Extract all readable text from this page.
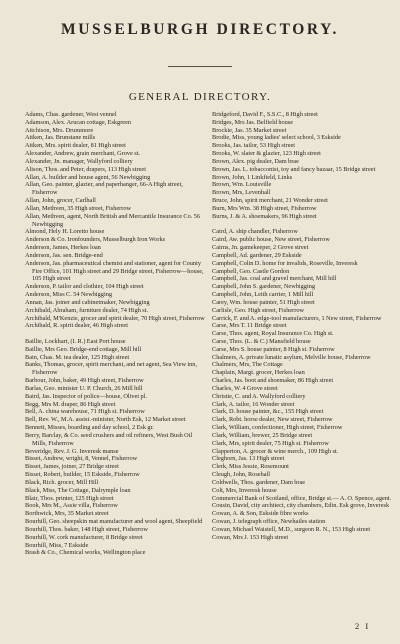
MUSSELBURGH DIRECTORY.
GENERAL DIRECTORY.
Adams, Chas. gardener, West vennel
Adamson, Alex. Arucan cottage, Eskgreen
Aitchison, Mrs. Drummore
Aitken, Jas. Brunstane mills
Aitken, Mrs. spirit dealer, 81 High street
Alexander, Andrew, grain merchant, Grove st.
Alexander, Jn. manager, Wallyford colliery
Alison, Thos. and Peter, drapers, 113 High street
Allan, A. builder and house agent, 56 Newbigging
Allan, Geo. painter, glazier, and paperhanger, 66-A High street, Fisherrow
Allan, John, grocer, Carlhall
Allan, Methven, 35 High street, Fisherrow
Allan, Methven, agent, North British and Mercantile Insurance Co. 56 Newbigging
Almond, Hely H. Loretto house
Anderson & Co. Ironfounders, Musselburgh Iron Works
Anderson, James, Herkes loan
Anderson, Jas. sen. Bridge-end
Anderson, Jas. pharmaceutical chemist and stationer, agent for County Fire Office, 101 High street and 29 Bridge street, Fisherrow—house, 105 High street
Anderson, P. tailor and clothier, 104 High street
Anderson, Miss C. 54 Newbigging
Annan, Jas. joiner and cabinetmaker, Newbigging
Archibald, Abraham, furniture dealer, 74 High st.
Archibald, M'Kenzie, grocer and spirit dealer, 70 High street, Fisherrow
Archibald, R. spirit dealer, 46 High street
Baillie, Lockhart, (I. R.) East Port house
Baillie, Mrs Geo. Bridge-end cottage, Mill hill
Bain, Chas. M. tea dealer, 125 High street
Banks, Thomas, grocer, spirit merchant, and net agent, Sea View inn, Fisherrow
Barbour, John, baker, 49 High street, Fisherrow
Barlas, Geo. minister U. P. Church, 26 Mill hill
Baird, Jas. Inspector of police—house, Olivet pl.
Begg, Mrs M. draper, 86 High street
Bell, A. china warehouse, 71 High st. Fisherrow
Bell, Rev. W., M.A. assist.-minister, North Esk, 12 Market street
Bennett, Misses, boarding and day school, 2 Esk gr.
Berry, Barclay, & Co. seed crushers and oil refiners, West Bush Oil Mills, Fisherrow
Beveridge, Rev. J. G. Inveresk manse
Bisset, Andrew, wright, 8, Vennel, Fisherrow
Bisset, James, joiner, 27 Bridge street
Bisset, Robert, builder, 15 Eskside, Fisherrow
Black, Rich. grocer, Mill Hill
Black, Miss, The Cottage, Dalrymple loan
Blair, Thos. printer, 125 High street
Book, Mrs M., Assie villa, Fisherrow
Borthwick, Mrs, 35 Market street
Bourhill, Geo. sheepskin mat manufacturer and wool agent, Sheepfield
Bourhill, Thos. baker, 148 High street, Fisherrow
Bourhill, W. cork manufacturer, 8 Bridge street
Bourhill, Miss, 7 Eskside
Brash & Co., Chemical works, Wellington place
Bridgeford, David F., S.S.C., 8 High street
Bridges, Mrs Jas. Belfield house
Brockie, Jas. 35 Market street
Brodie, Miss, young ladies' select school, 3 Eskside
Brooks, Jas. tailor, 53 High street
Brooks, W. slater & glazier, 123 High street
Brown, Alex. pig dealer, Dam brae
Brown, Jas. L. tobacconist, toy and fancy bazaar, 15 Bridge street
Brown, John, 1 Linkfield, Links
Brown, Wm. Louisville
Brown, Mrs, Levenhall
Bruce, John, spirit merchant, 21 Wonder street
Burn, Mrs Wm. 38 High street, Fisherrow
Burns, J. & A. shoemakers, 96 High street
Caird, A. ship chandler, Fisherrow
Caird, Aw. public house, New street, Fisherrow
Cairns, Jn. gamekeeper, 2 Grove street
Campbell, Ad. gardener, 29 Eskside
Campbell, Colin D. home for invalids, Roseville, Inveresk
Campbell, Geo. Castle Gordon
Campbell, Jas. coal and gravel merchant, Mill hill
Campbell, John S. gardener, Newbigging
Campbell, John, Leith carrier, 1 Mill hill
Carey, Wm. house painter, 51 High street
Carlisle, Geo. High street, Fisherrow
Carrick, F. and A. edge-tool manufacturers, 1 New street, Fisherrow
Carse, Mrs T. 11 Bridge street
Carse, Thos. agent, Royal Insurance Co. High st.
Carse, Thos. (L. & C.) Mansfield house
Carse, Mrs S. house painter, 8 High st. Fisherrow
Chalmers, A. private lunatic asylum, Melville house, Fisherrow
Chalmers, Mrs, The Cottage
Chaplain, Margt. grocer, Herkes loan
Charles, Jas. boot and shoemaker, 86 High street
Charles, W. 4 Grove street
Christie, C. and A. Wallyford colliery
Clark, A. tailor, 16 Wonder street
Clark, D. house painter, &c., 155 High street
Clark, Robt. horse dealer, New street, Fisherrow
Clark, William, confectioner, High street, Fisherrow
Clark, William, brewer, 25 Bridge street
Clark, Mrs, spirit dealer, 75 High st. Fisherrow
Clapperton, A. grocer & wine merch., 109 High st.
Cleghorn, Jas. 13 High street
Clerk, Miss Jessie, Rosemount
Cleugh, John, Rosehall
Coldwells, Thos. gardener, Dam brae
Colt, Mrs, Inveresk house
Commercial Bank of Scotland, office, Bridge st.— A. O. Spence, agent.
Cousin, David, city architect, city chambers, Edin. Esk grove, Inveresk
Cowan, A. & Son, Eskside fibre works
Cowan, J. telegraph office, Newhailes station
Cowan, Michael Waistell, M.D., surgeon R. N., 153 High street
Cowan, Mrs J. 153 High street
2 I
